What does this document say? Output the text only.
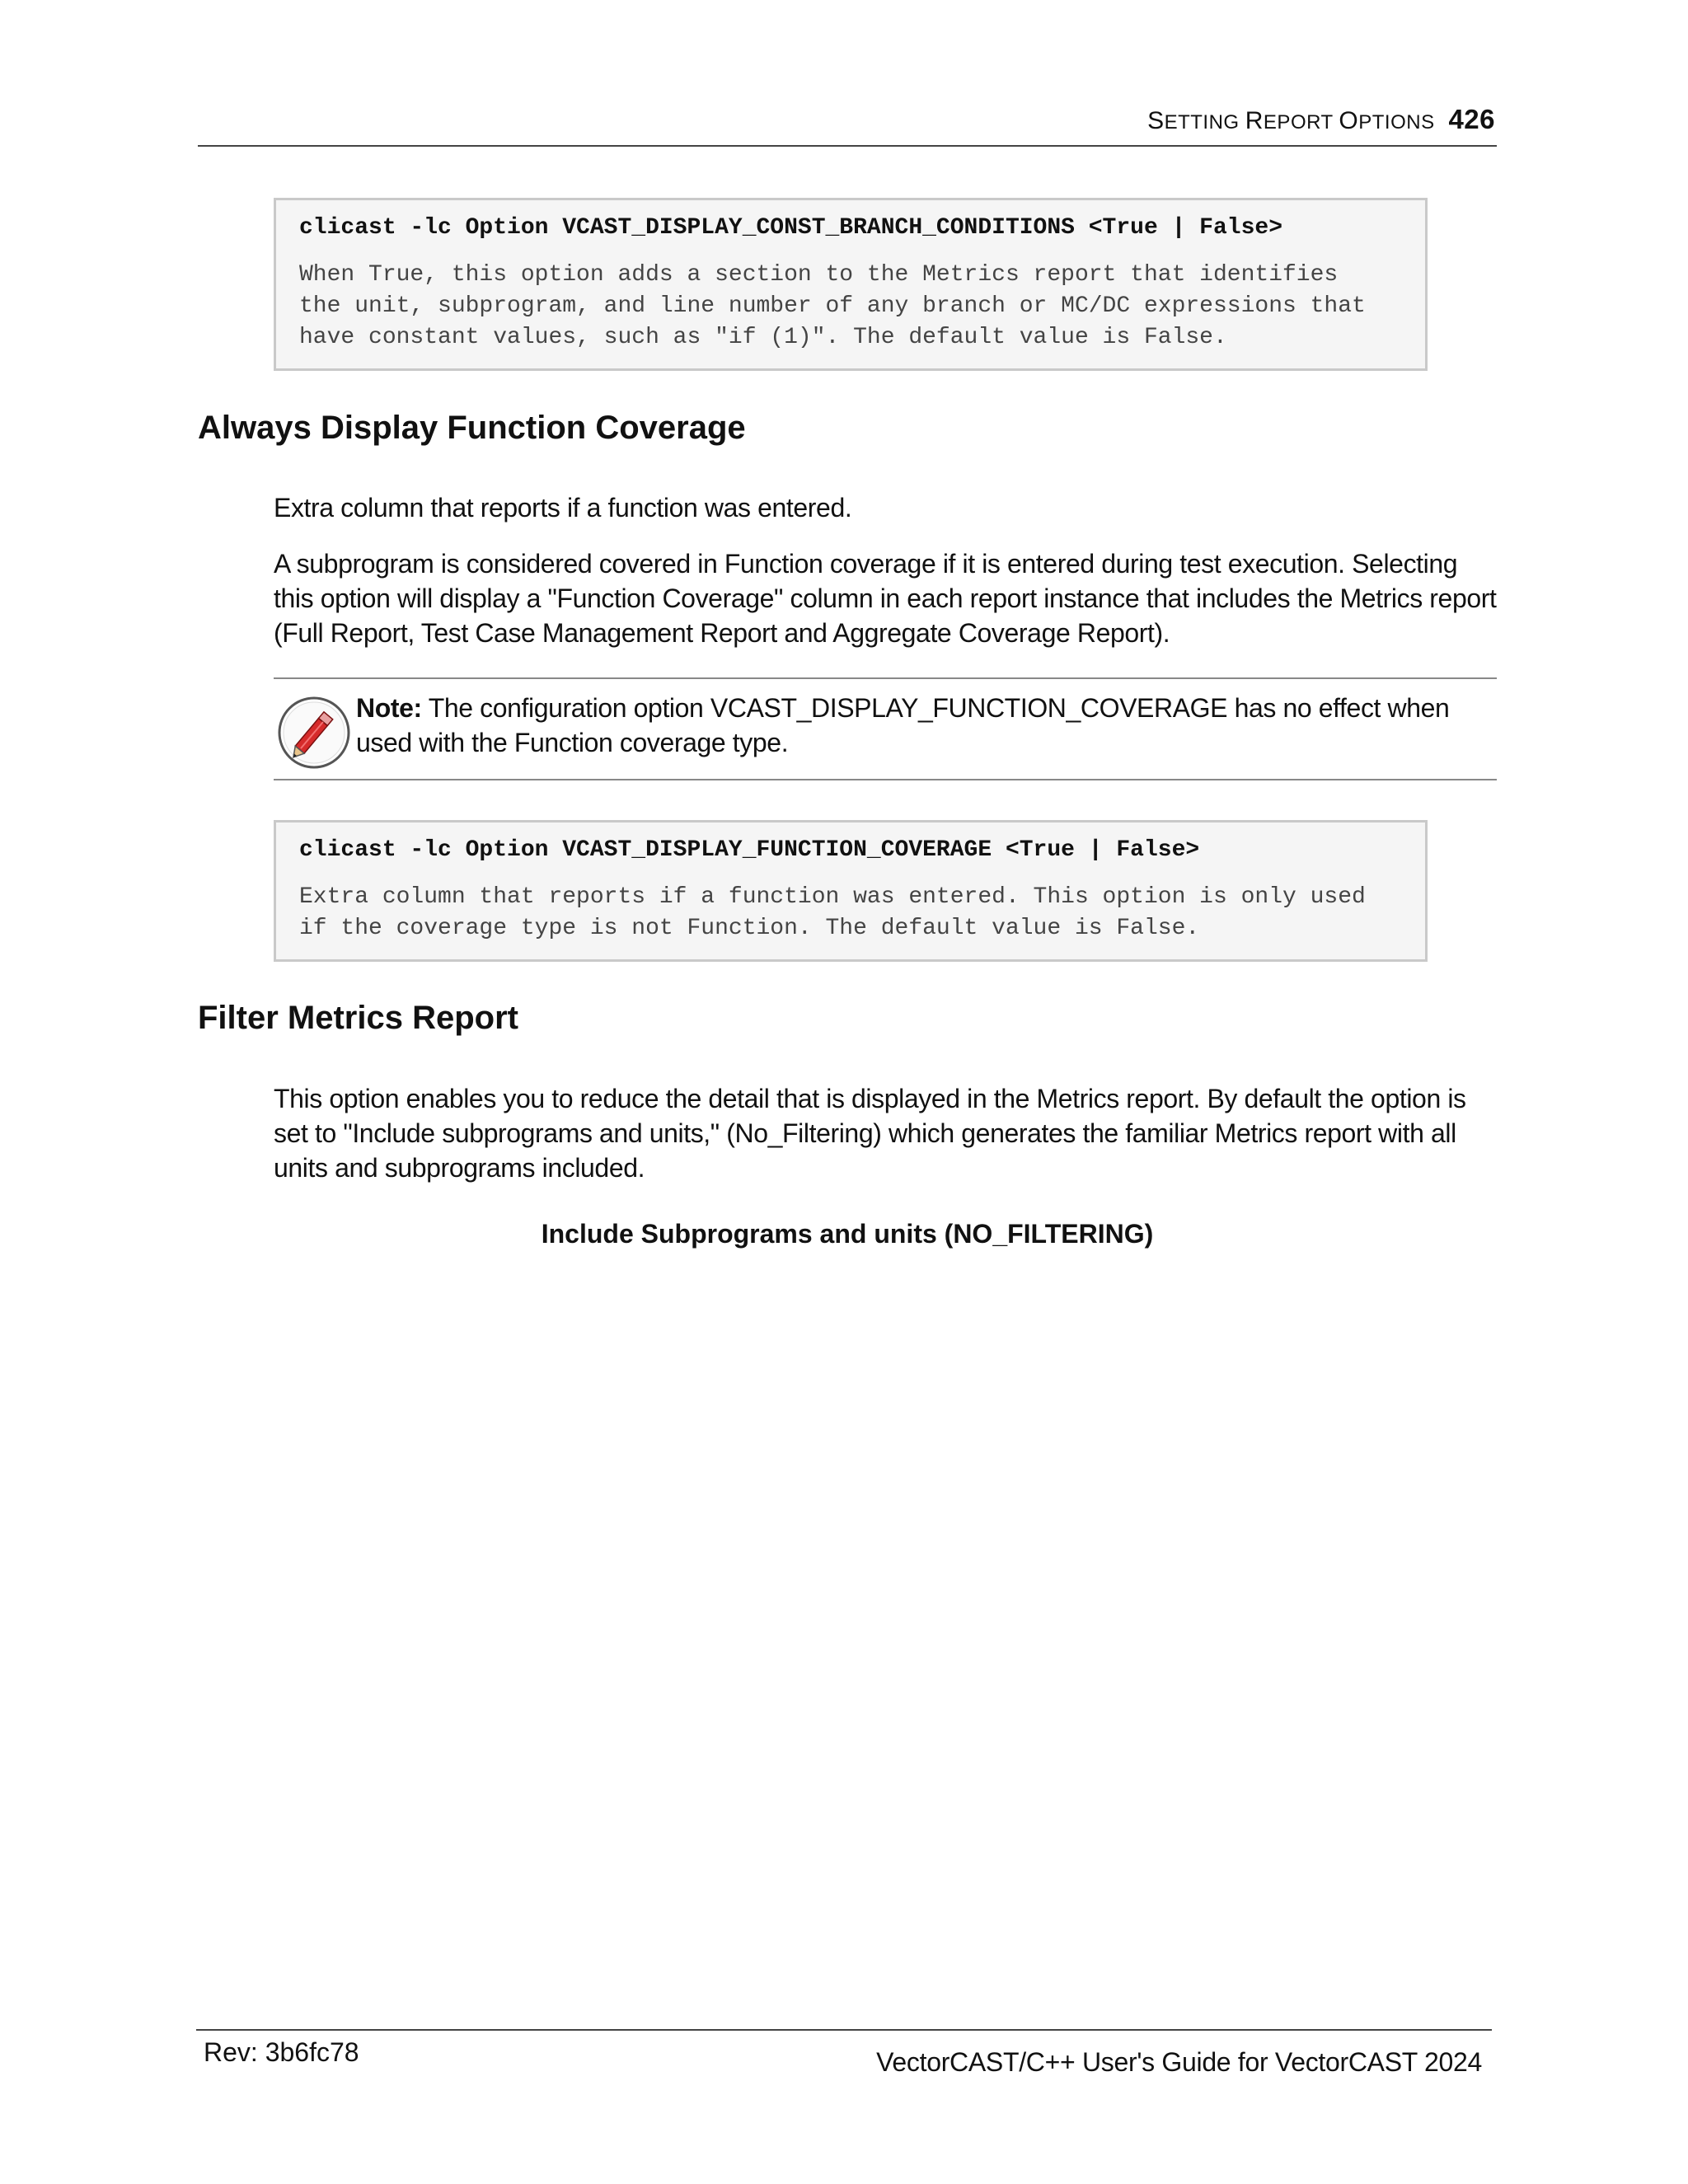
SETTING REPORT OPTIONS 426
clicast -lc Option VCAST_DISPLAY_CONST_BRANCH_CONDITIONS <True | False>
When True, this option adds a section to the Metrics report that identifies
the unit, subprogram, and line number of any branch or MC/DC expressions that
have constant values, such as "if (1)". The default value is False.
Always Display Function Coverage
Extra column that reports if a function was entered.
A subprogram is considered covered in Function coverage if it is entered during test execution. Selecting this option will display a "Function Coverage" column in each report instance that includes the Metrics report (Full Report, Test Case Management Report and Aggregate Coverage Report).
Note: The configuration option VCAST_DISPLAY_FUNCTION_COVERAGE has no effect when used with the Function coverage type.
clicast -lc Option VCAST_DISPLAY_FUNCTION_COVERAGE <True | False>
Extra column that reports if a function was entered. This option is only used
if the coverage type is not Function. The default value is False.
Filter Metrics Report
This option enables you to reduce the detail that is displayed in the Metrics report. By default the option is set to "Include subprograms and units," (No_Filtering) which generates the familiar Metrics report with all units and subprograms included.
Include Subprograms and units (NO_FILTERING)
Rev: 3b6fc78	VectorCAST/C++ User's Guide for VectorCAST 2024
